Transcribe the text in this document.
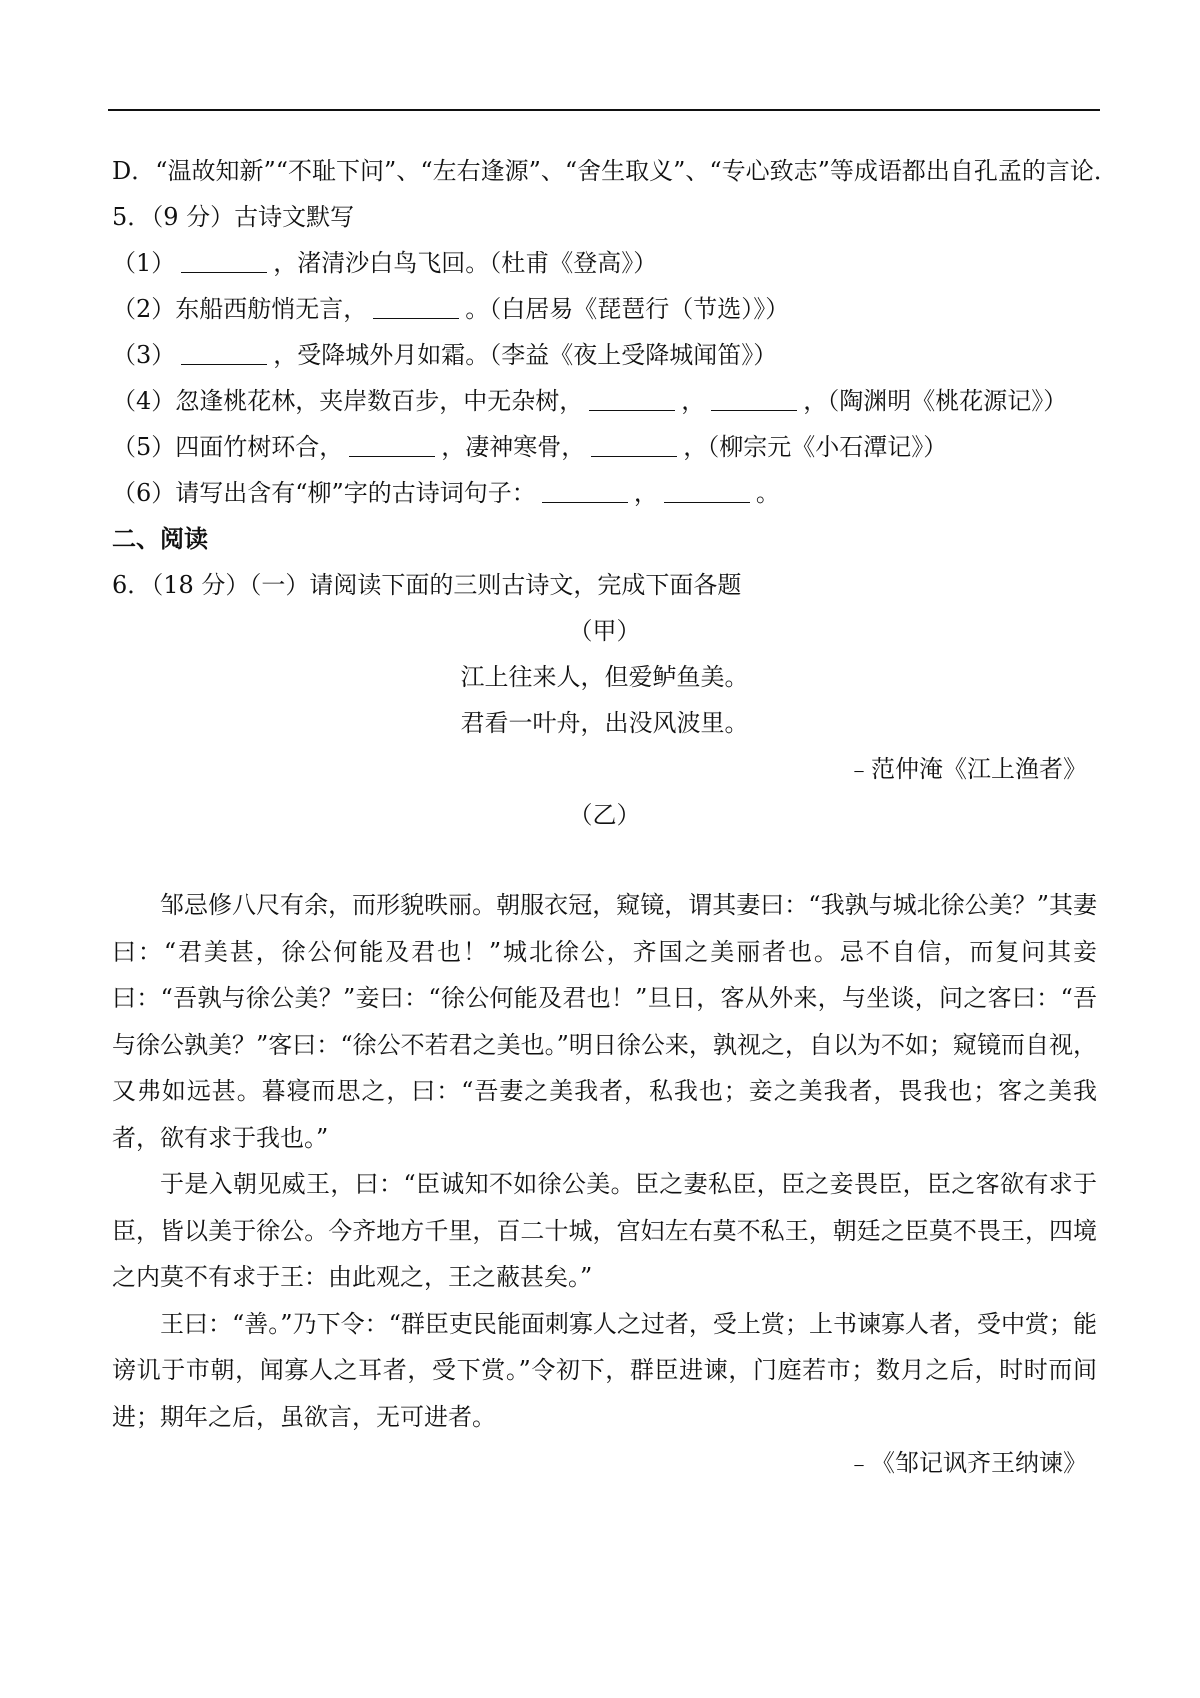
D．“温故知新”“不耻下问”、“左右逢源”、“舍生取义”、“专心致志”等成语都出自孔孟的言论．
5．（9 分）古诗文默写
（1）	，渚清沙白鸟飞回。（杜甫《登高》）
（2）东船西舫悄无言，	。（白居易《琵琶行（节选）》）
（3）	，受降城外月如霜。（李益《夜上受降城闻笛》）
（4）忽逢桃花林，夹岸数百步，中无杂树，	，	，（陶渊明《桃花源记》）
（5）四面竹树环合，	，凄神寒骨，	，（柳宗元《小石潭记》）
（6）请写出含有“柳”字的古诗词句子：	，	。
二、阅读
6．（18 分）（一）请阅读下面的三则古诗文，完成下面各题
（甲）
江上往来人，但爱鲈鱼美。
君看一叶舟，出没风波里。
﹣范仲淹《江上渔者》
（乙）

邹忌修八尺有余，而形貌昳丽。朝服衣冠，窥镜，谓其妻曰：“我孰与城北徐公美？”其妻曰：“君美甚，徐公何能及君也！”城北徐公，齐国之美丽者也。忌不自信，而复问其妾曰：“吾孰与徐公美？”妾曰：“徐公何能及君也！”旦日，客从外来，与坐谈，问之客曰：“吾与徐公孰美？”客曰：“徐公不若君之美也。”明日徐公来，孰视之，自以为不如；窥镜而自视，又弗如远甚。暮寝而思之，曰：“吾妻之美我者，私我也；妾之美我者，畏我也；客之美我者，欲有求于我也。”

于是入朝见威王，曰：“臣诚知不如徐公美。臣之妻私臣，臣之妾畏臣，臣之客欲有求于臣，皆以美于徐公。今齐地方千里，百二十城，宫妇左右莫不私王，朝廷之臣莫不畏王，四境之内莫不有求于王：由此观之，王之蔽甚矣。”

王曰：“善。”乃下令：“群臣吏民能面刺寡人之过者，受上赏；上书谏寡人者，受中赏；能谤讥于市朝，闻寡人之耳者，受下赏。”令初下，群臣进谏，门庭若市；数月之后，时时而间进；期年之后，虽欲言，无可进者。

﹣《邹记讽齐王纳谏》
